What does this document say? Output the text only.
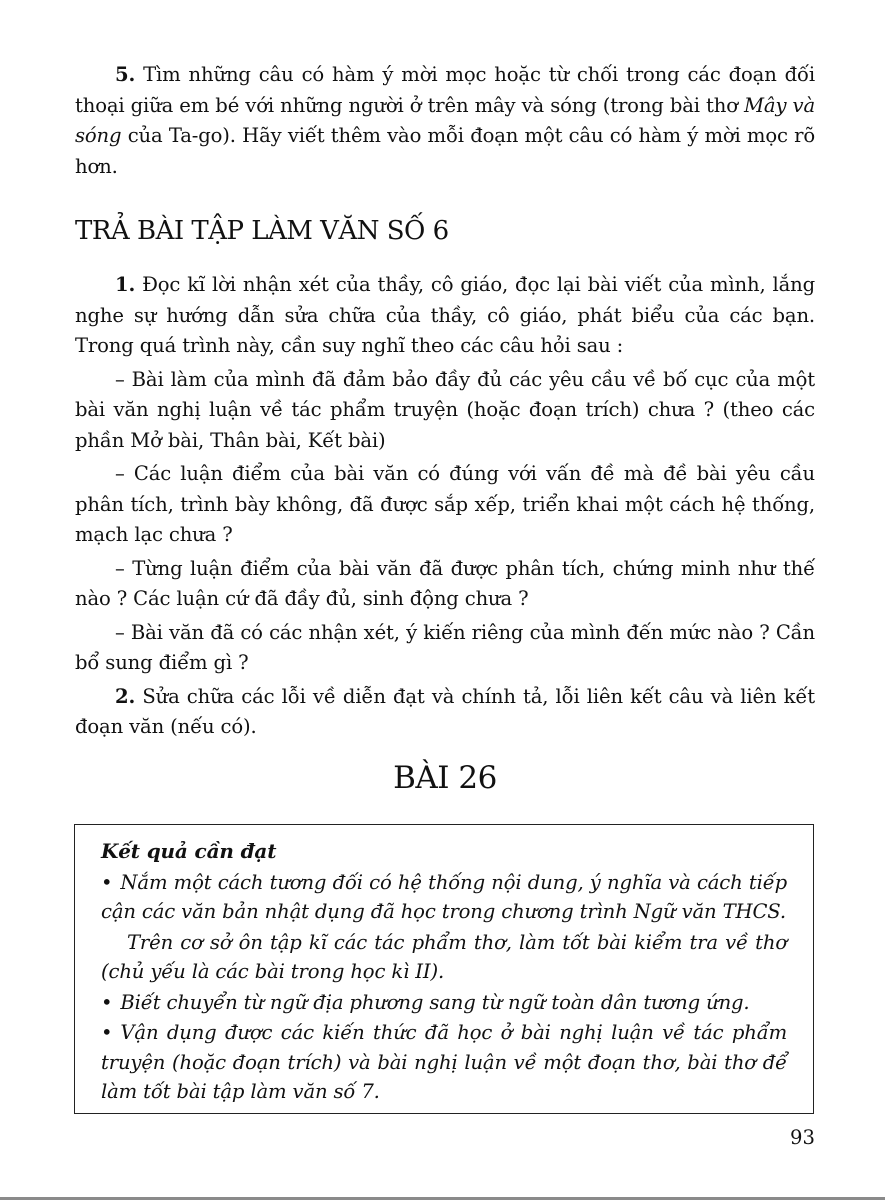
5. Tìm những câu có hàm ý mời mọc hoặc từ chối trong các đoạn đối thoại giữa em bé với những người ở trên mây và sóng (trong bài thơ Mây và sóng của Ta-go). Hãy viết thêm vào mỗi đoạn một câu có hàm ý mời mọc rõ hơn.

TRẢ BÀI TẬP LÀM VĂN SỐ 6

1. Đọc kĩ lời nhận xét của thầy, cô giáo, đọc lại bài viết của mình, lắng nghe sự hướng dẫn sửa chữa của thầy, cô giáo, phát biểu của các bạn. Trong quá trình này, cần suy nghĩ theo các câu hỏi sau :

– Bài làm của mình đã đảm bảo đầy đủ các yêu cầu về bố cục của một bài văn nghị luận về tác phẩm truyện (hoặc đoạn trích) chưa ? (theo các phần Mở bài, Thân bài, Kết bài)

– Các luận điểm của bài văn có đúng với vấn đề mà đề bài yêu cầu phân tích, trình bày không, đã được sắp xếp, triển khai một cách hệ thống, mạch lạc chưa ?

– Từng luận điểm của bài văn đã được phân tích, chứng minh như thế nào ? Các luận cứ đã đầy đủ, sinh động chưa ?

– Bài văn đã có các nhận xét, ý kiến riêng của mình đến mức nào ? Cần bổ sung điểm gì ?

2. Sửa chữa các lỗi về diễn đạt và chính tả, lỗi liên kết câu và liên kết đoạn văn (nếu có).

BÀI 26

Kết quả cần đạt

• Nắm một cách tương đối có hệ thống nội dung, ý nghĩa và cách tiếp cận các văn bản nhật dụng đã học trong chương trình Ngữ văn THCS.

Trên cơ sở ôn tập kĩ các tác phẩm thơ, làm tốt bài kiểm tra về thơ (chủ yếu là các bài trong học kì II).

• Biết chuyển từ ngữ địa phương sang từ ngữ toàn dân tương ứng.

• Vận dụng được các kiến thức đã học ở bài nghị luận về tác phẩm truyện (hoặc đoạn trích) và bài nghị luận về một đoạn thơ, bài thơ để làm tốt bài tập làm văn số 7.

93
